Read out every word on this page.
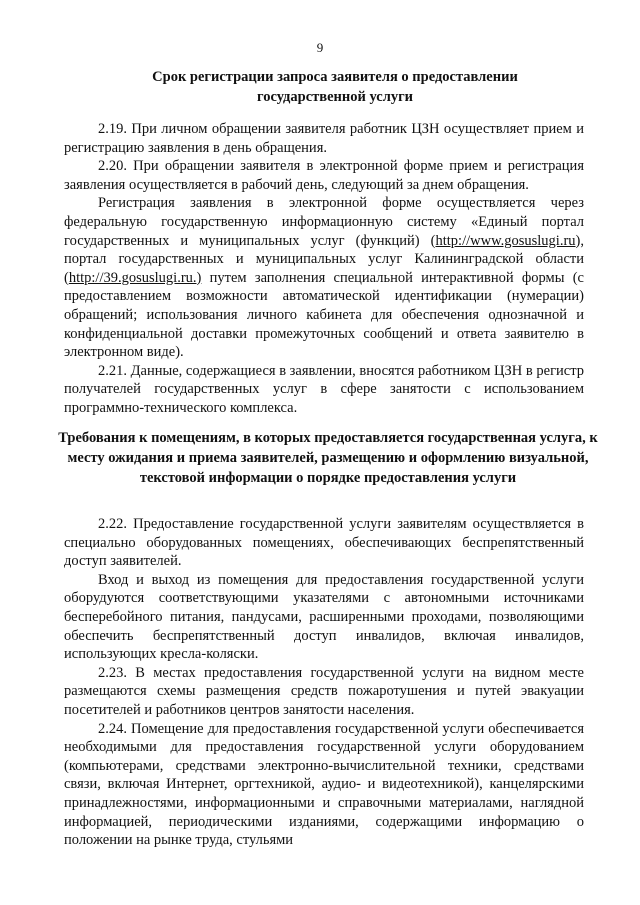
9
Срок регистрации запроса заявителя о предоставлении государственной услуги

2.19. При личном обращении заявителя работник ЦЗН осуществляет прием и регистрацию заявления в день обращения.

2.20. При обращении заявителя в электронной форме прием и регистрация заявления осуществляется в рабочий день, следующий за днем обращения.

Регистрация заявления в электронной форме осуществляется через федеральную государственную информационную систему «Единый портал государственных и муниципальных услуг (функций) (http://www.gosuslugi.ru), портал государственных и муниципальных услуг Калининградской области (http://39.gosuslugi.ru.) путем заполнения специальной интерактивной формы (с предоставлением возможности автоматической идентификации (нумерации) обращений; использования личного кабинета для обеспечения однозначной и конфиденциальной доставки промежуточных сообщений и ответа заявителю в электронном виде).

2.21. Данные, содержащиеся в заявлении, вносятся работником ЦЗН в регистр получателей государственных услуг в сфере занятости с использованием программно-технического комплекса.

Требования к помещениям, в которых предоставляется государственная услуга, к месту ожидания и приема заявителей, размещению и оформлению визуальной, текстовой информации о порядке предоставления услуги

2.22. Предоставление государственной услуги заявителям осуществляется в специально оборудованных помещениях, обеспечивающих беспрепятственный доступ заявителей.

Вход и выход из помещения для предоставления государственной услуги оборудуются соответствующими указателями с автономными источниками бесперебойного питания, пандусами, расширенными проходами, позволяющими обеспечить беспрепятственный доступ инвалидов, включая инвалидов, использующих кресла-коляски.

2.23. В местах предоставления государственной услуги на видном месте размещаются схемы размещения средств пожаротушения и путей эвакуации посетителей и работников центров занятости населения.

2.24. Помещение для предоставления государственной услуги обеспечивается необходимыми для предоставления государственной услуги оборудованием (компьютерами, средствами электронно-вычислительной техники, средствами связи, включая Интернет, оргтехникой, аудио- и видеотехникой), канцелярскими принадлежностями, информационными и справочными материалами, наглядной информацией, периодическими изданиями, содержащими информацию о положении на рынке труда, стульями
